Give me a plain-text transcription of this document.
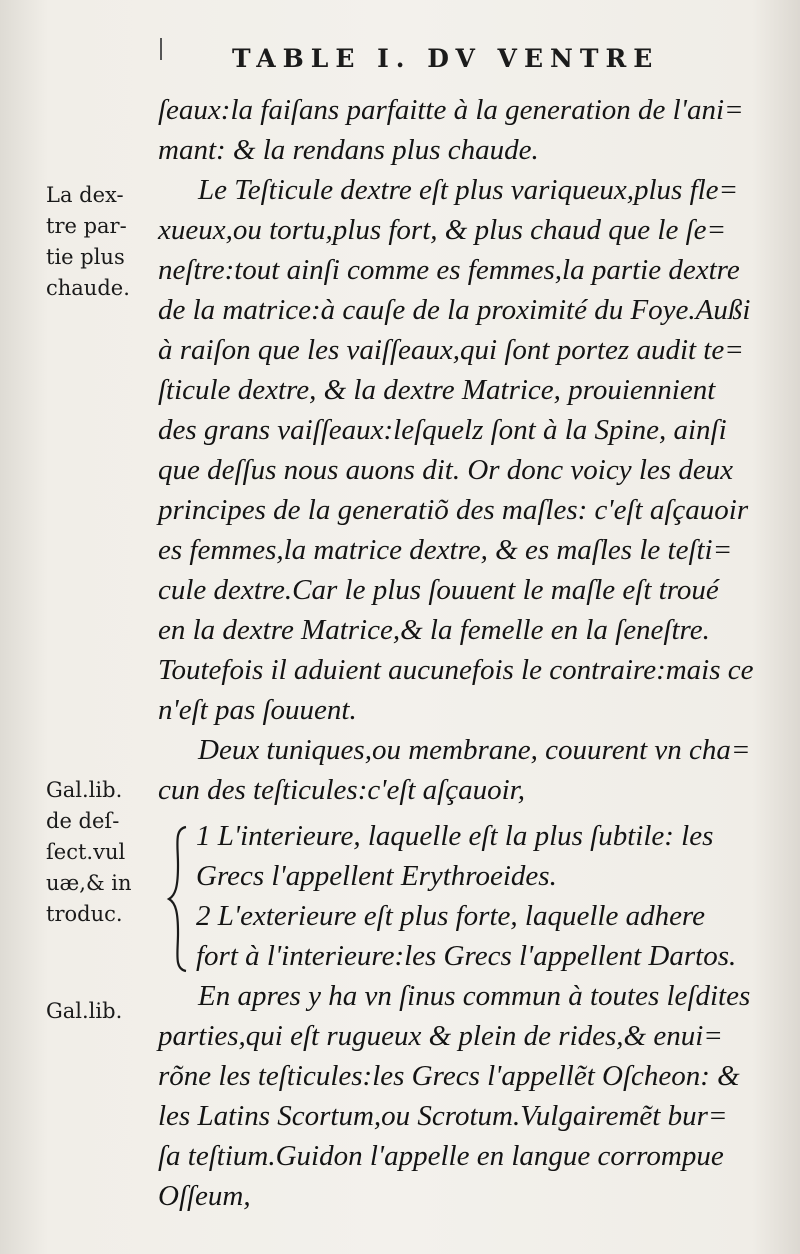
TABLE I. DV VENTRE
La dex-
tre par-
tie plus
chaude.
Gal.lib.
de deſ-
ſect.vul
uæ,& in
troduc.
Gal.lib.
ſeaux:la faiſans parfaitte à la generation de l'ani=
mant: & la rendans plus chaude.
Le Teſticule dextre eſt plus variqueux,plus fle=
xueux,ou tortu,plus fort, & plus chaud que le ſe=
neſtre:tout ainſi comme es femmes,la partie dextre
de la matrice:à cauſe de la proximité du Foye.Außi
à raiſon que les vaiſſeaux,qui ſont portez audit te=
ſticule dextre, & la dextre Matrice, prouiennient
des grans vaiſſeaux:leſquelz ſont à la Spine, ainſi
que deſſus nous auons dit. Or donc voicy les deux
principes de la generatiõ des maſles: c'eſt aſçauoir
es femmes,la matrice dextre, & es maſles le teſti=
cule dextre.Car le plus ſouuent le maſle eſt troué
en la dextre Matrice,& la femelle en la ſeneſtre.
Toutefois il aduient aucunefois le contraire:mais ce
n'eſt pas ſouuent.
Deux tuniques,ou membrane, couurent vn cha=
cun des teſticules:c'eſt aſçauoir,
1 L'interieure, laquelle eſt la plus ſubtile: les
Grecs l'appellent Erythroeides.
2 L'exterieure eſt plus forte, laquelle adhere
fort à l'interieure:les Grecs l'appellent Dartos.
En apres y ha vn ſinus commun à toutes leſdites
parties,qui eſt rugueux & plein de rides,& enui=
rõne les teſticules:les Grecs l'appellẽt Oſcheon: &
les Latins Scortum,ou Scrotum.Vulgairemẽt bur=
ſa teſtium.Guidon l'appelle en langue corrompue
Oſſeum,
